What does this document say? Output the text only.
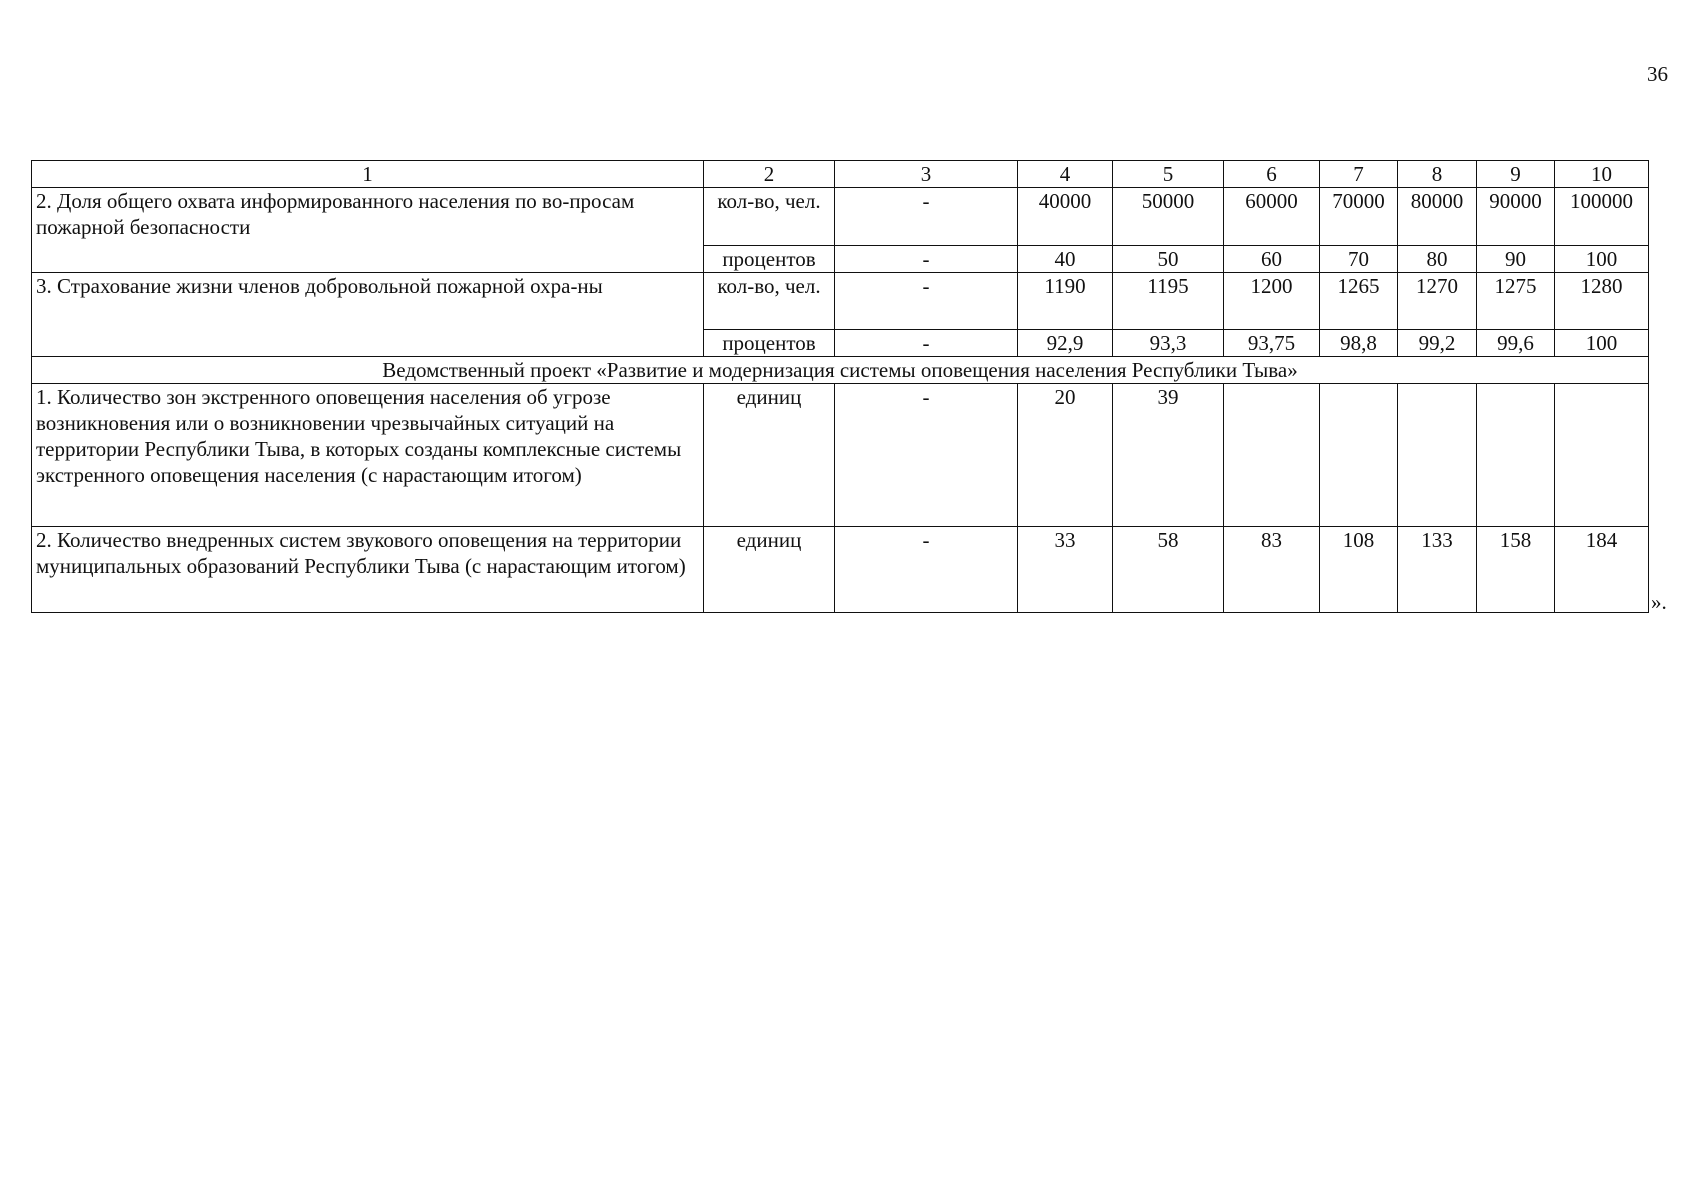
36
1	2	3	4	5	6	7	8	9	10
2. Доля общего охвата информированного населения по во-просам пожарной безопасности	кол-во, чел.	-	40000	50000	60000	70000	80000	90000	100000
	процентов	-	40	50	60	70	80	90	100
3. Страхование жизни членов добровольной пожарной охра-ны	кол-во, чел.	-	1190	1195	1200	1265	1270	1275	1280
	процентов	-	92,9	93,3	93,75	98,8	99,2	99,6	100
Ведомственный проект «Развитие и модернизация системы оповещения населения Республики Тыва»									
1. Количество зон экстренного оповещения населения об угрозе возникновения или о возникновении чрезвычайных ситуаций на территории Республики Тыва, в которых созданы комплексные системы экстренного оповещения населения (с нарастающим итогом)	единиц	-	20	39					
2. Количество внедренных систем звукового оповещения на территории муниципальных образований Республики Тыва (с нарастающим итогом)	единиц	-	33	58	83	108	133	158	184
».
